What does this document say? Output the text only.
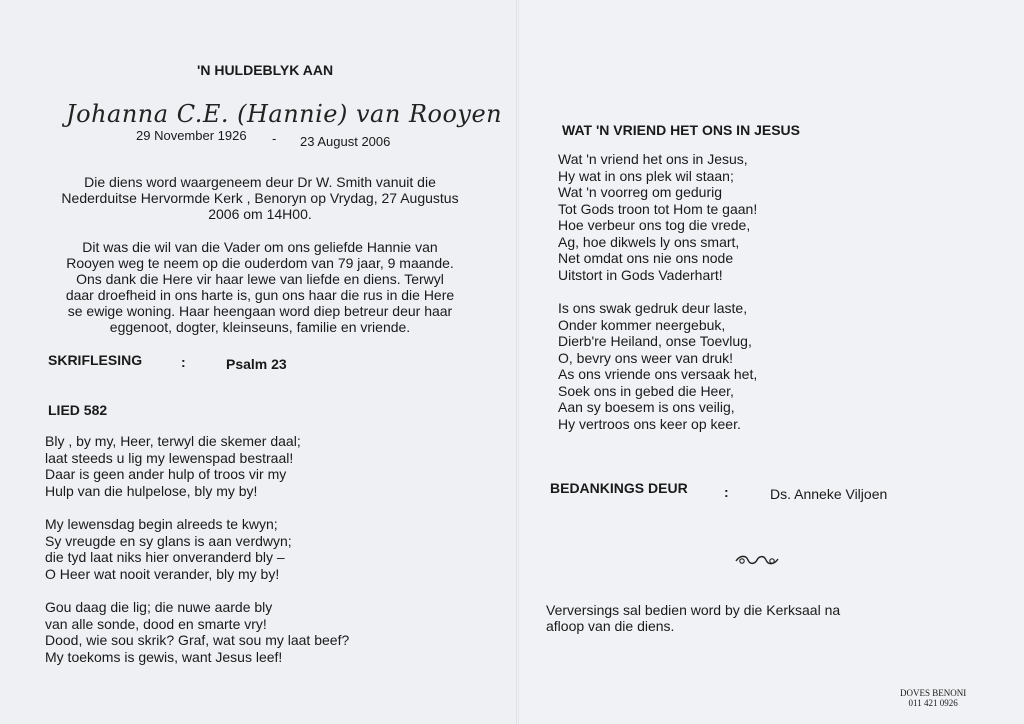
'N HULDEBLYK AAN
Johanna C.E. (Hannie) van Rooyen
29 November 1926 - 23 August 2006
Die diens word waargeneem deur Dr W. Smith vanuit die
Nederduitse Hervormde Kerk , Benoryn op Vrydag, 27 Augustus
2006 om 14H00.
Dit was die wil van die Vader om ons geliefde Hannie van
Rooyen weg te neem op die ouderdom van 79 jaar, 9 maande.
Ons dank die Here vir haar lewe van liefde en diens. Terwyl
daar droefheid in ons harte is, gun ons haar die rus in die Here
se ewige woning. Haar heengaan word diep betreur deur haar
eggenoot, dogter, kleinseuns, familie en vriende.
SKRIFLESING	:	Psalm 23
LIED 582
Bly , by my, Heer, terwyl die skemer daal;
laat steeds u lig my lewenspad bestraal!
Daar is geen ander hulp of troos vir my
Hulp van die hulpelose, bly my by!
My lewensdag begin alreeds te kwyn;
Sy vreugde en sy glans is aan verdwyn;
die tyd laat niks hier onveranderd bly –
O Heer wat nooit verander, bly my by!
Gou daag die lig; die nuwe aarde bly
van alle sonde, dood en smarte vry!
Dood, wie sou skrik? Graf, wat sou my laat beef?
My toekoms is gewis, want Jesus leef!
WAT 'N VRIEND HET ONS IN JESUS
Wat 'n vriend het ons in Jesus,
Hy wat in ons plek wil staan;
Wat 'n voorreg om gedurig
Tot Gods troon tot Hom te gaan!
Hoe verbeur ons tog die vrede,
Ag, hoe dikwels ly ons smart,
Net omdat ons nie ons node
Uitstort in Gods Vaderhart!
Is ons swak gedruk deur laste,
Onder kommer neergebuk,
Dierb're Heiland, onse Toevlug,
O, bevry ons weer van druk!
As ons vriende ons versaak het,
Soek ons in gebed die Heer,
Aan sy boesem is ons veilig,
Hy vertroos ons keer op keer.
BEDANKINGS DEUR	:	Ds. Anneke Viljoen
Verversings sal bedien word by die Kerksaal na
afloop van die diens.
DOVES BENONI
011 421 0926
